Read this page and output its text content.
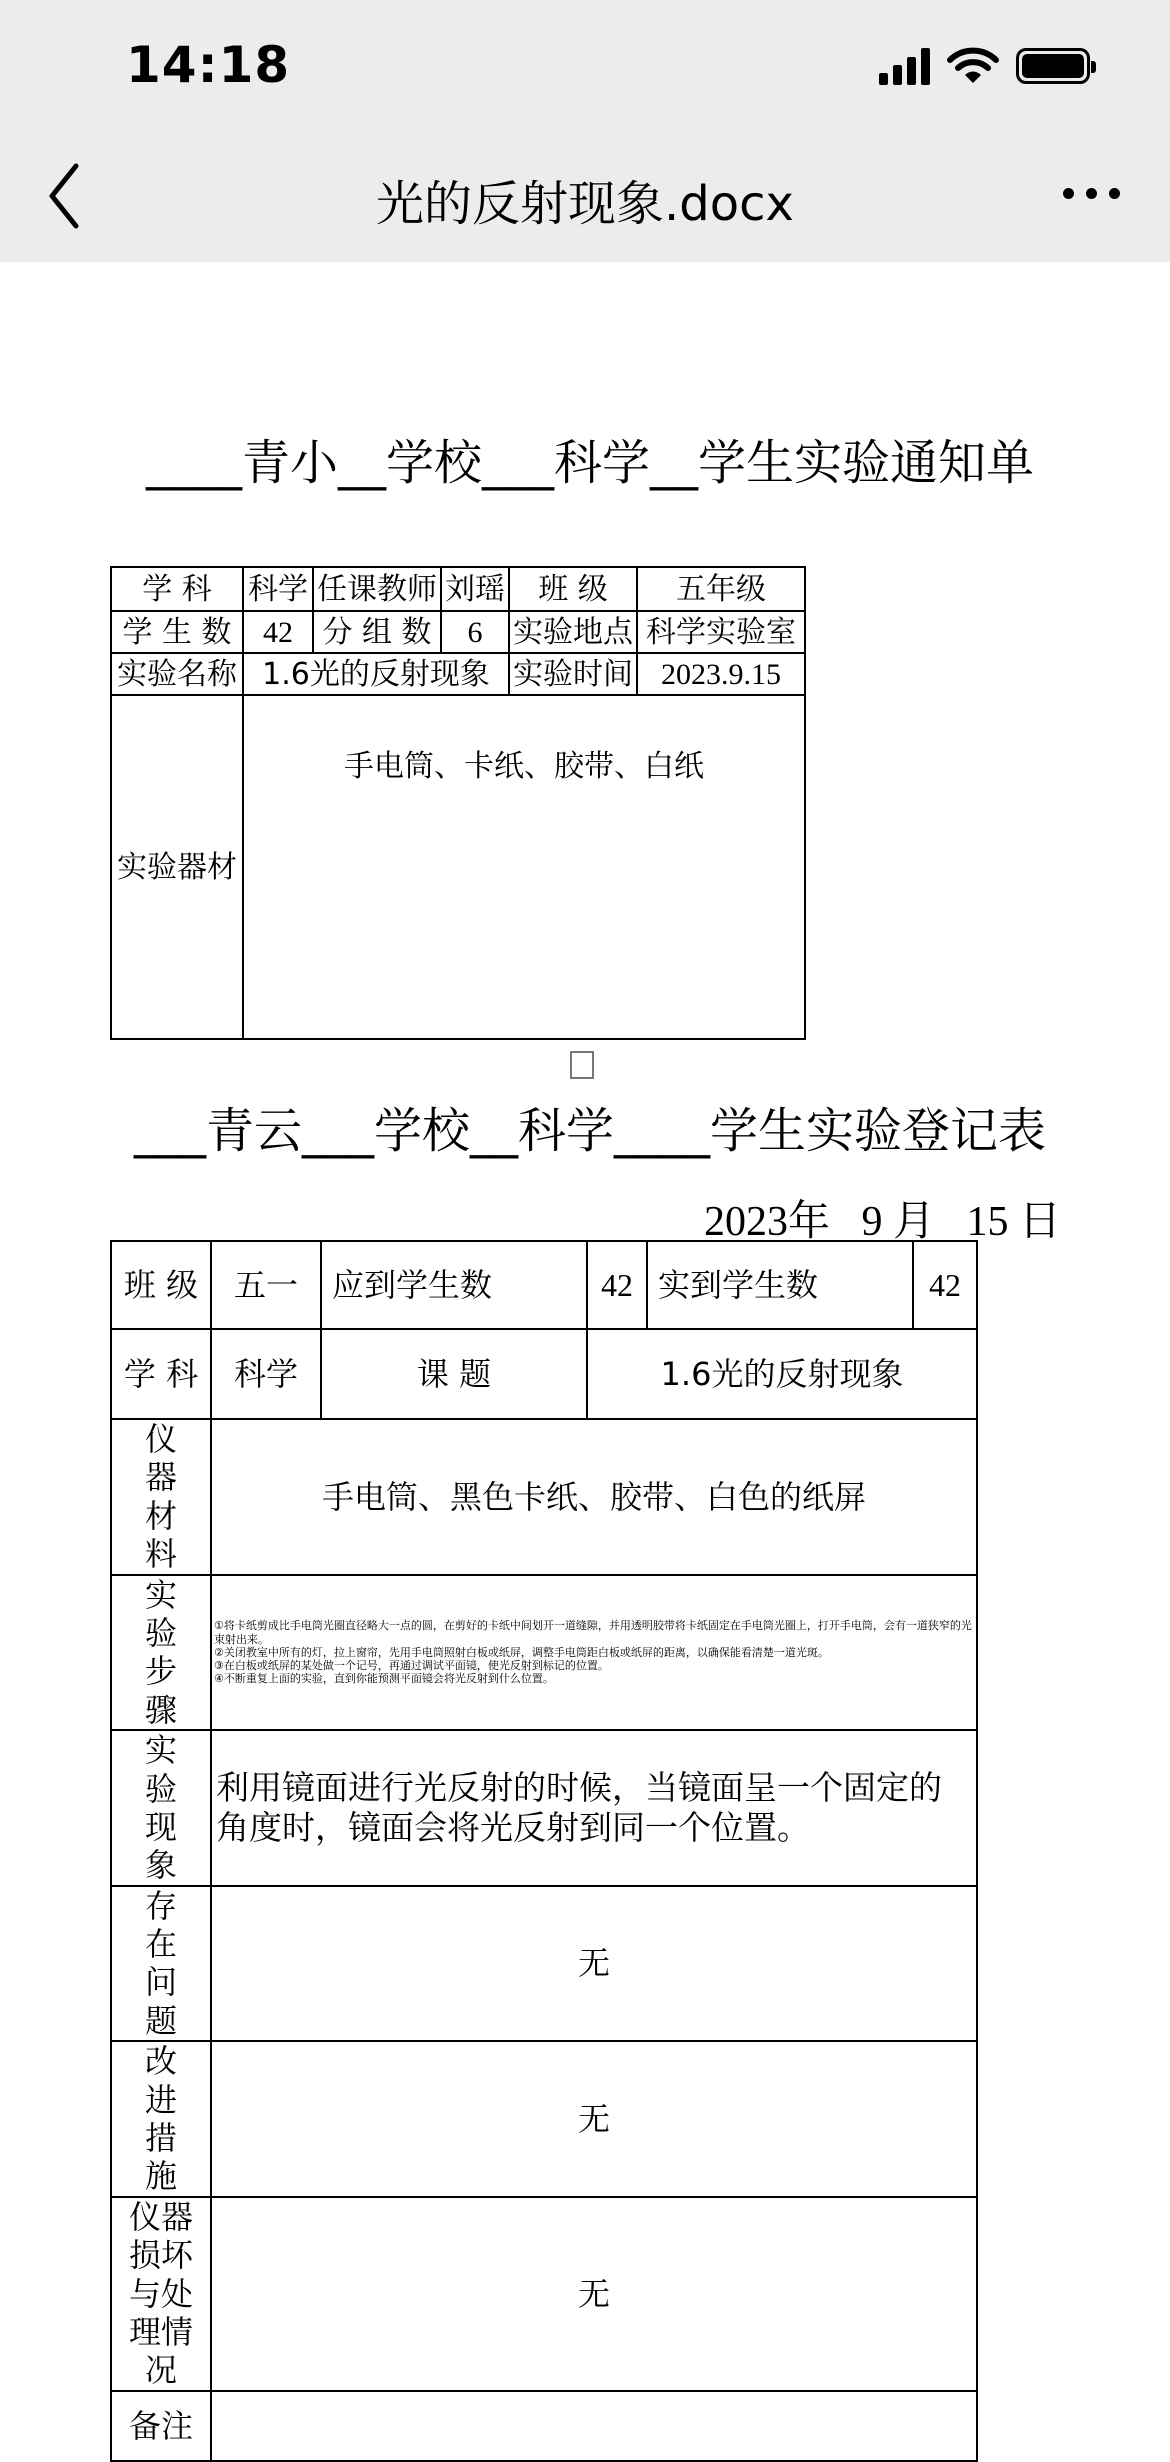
14:18
光的反射现象.docx
____青小__学校___科学__学生实验通知单
学 科	科学	任课教师	刘瑶	班 级	五年级
学 生 数	42	分 组 数	6	实验地点	科学实验室
实验名称	1.6光的反射现象			实验时间	2023.9.15
实验器材	手电筒、卡纸、胶带、白纸				
___青云___学校__科学____学生实验登记表
2023年   9 月   15 日
班 级	五一	应到学生数	42	实到学生数	42
学 科	科学	课 题	1.6光的反射现象		
仪器材料	手电筒、黑色卡纸、胶带、白色的纸屏				
实验步骤	①将卡纸剪成比手电筒光圈直径略大一点的圆，在剪好的卡纸中间划开一道缝隙，并用透明胶带将卡纸固定在手电筒光圈上，打开手电筒，会有一道狭窄的光束射出来。
②关闭教室中所有的灯，拉上窗帘，先用手电筒照射白板或纸屏，调整手电筒距白板或纸屏的距离，以确保能看清楚一道光斑。
③在白板或纸屏的某处做一个记号，再通过调试平面镜，使光反射到标记的位置。
④不断重复上面的实验，直到你能预测平面镜会将光反射到什么位置。				

实验现象	利用镜面进行光反射的时候，当镜面呈一个固定的角度时，镜面会将光反射到同一个位置。				
存在问题	无				
改进措施	无				
仪器损坏与处理情况	无				
备注					
